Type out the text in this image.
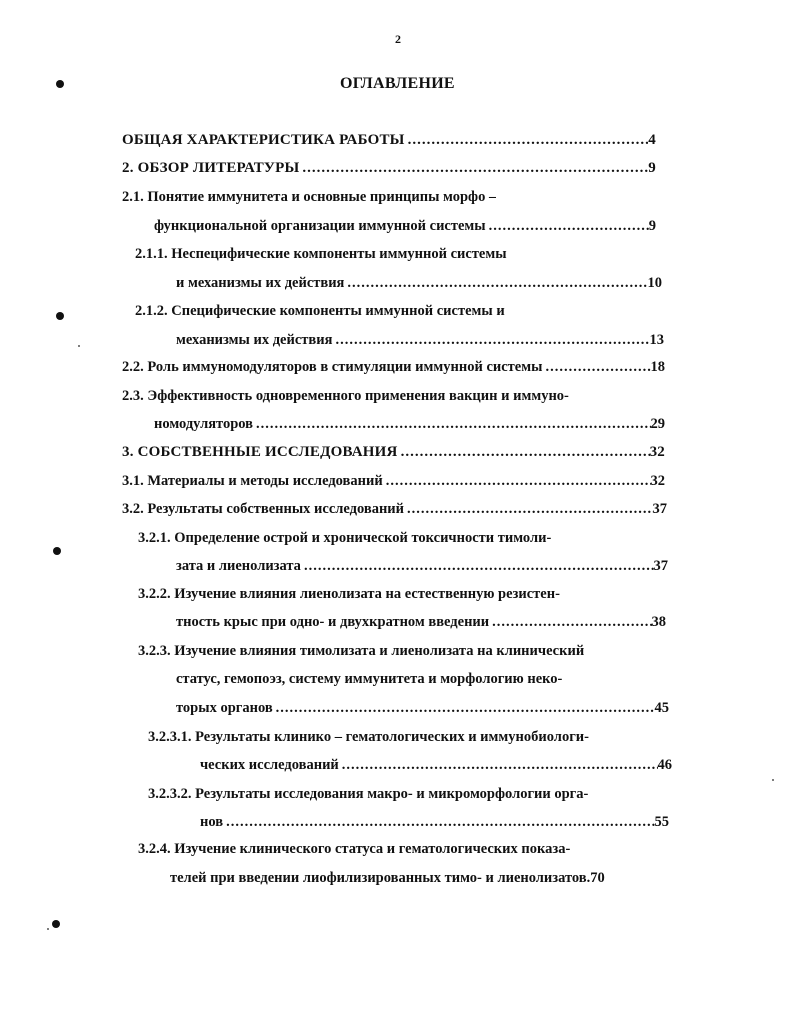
2
ОГЛАВЛЕНИЕ
ОБЩАЯ ХАРАКТЕРИСТИКА РАБОТЫ .....	4
2. ОБЗОР ЛИТЕРАТУРЫ .....	9
2.1. Понятие иммунитета и основные принципы морфо –
функциональной организации иммунной системы .....	9
2.1.1. Неспецифические компоненты иммунной системы
и механизмы их действия .....	10
2.1.2. Специфические компоненты иммунной системы и
механизмы их действия .....	13
2.2. Роль иммуномодуляторов в стимуляции иммунной системы .....	18
2.3. Эффективность одновременного применения вакцин и иммуно-
номодуляторов .....	29
3. СОБСТВЕННЫЕ ИССЛЕДОВАНИЯ .....	32
3.1. Материалы и методы исследований .....	32
3.2. Результаты собственных исследований .....	37
3.2.1. Определение острой и хронической токсичности тимоли-
зата и лиенолизата .....	37
3.2.2. Изучение влияния лиенолизата на естественную резистен-
тность крыс при одно- и двухкратном введении .....	38
3.2.3. Изучение влияния тимолизата и лиенолизата на клинический
статус, гемопоэз, систему иммунитета и морфологию неко-
торых органов .....	45
3.2.3.1. Результаты клинико – гематологических и иммунобиологи-
ческих исследований .....	46
3.2.3.2. Результаты исследования макро- и микроморфологии орга-
нов .....	55
3.2.4. Изучение клинического статуса и гематологических показа-
телей при введении лиофилизированных тимо- и лиенолизатов.70
